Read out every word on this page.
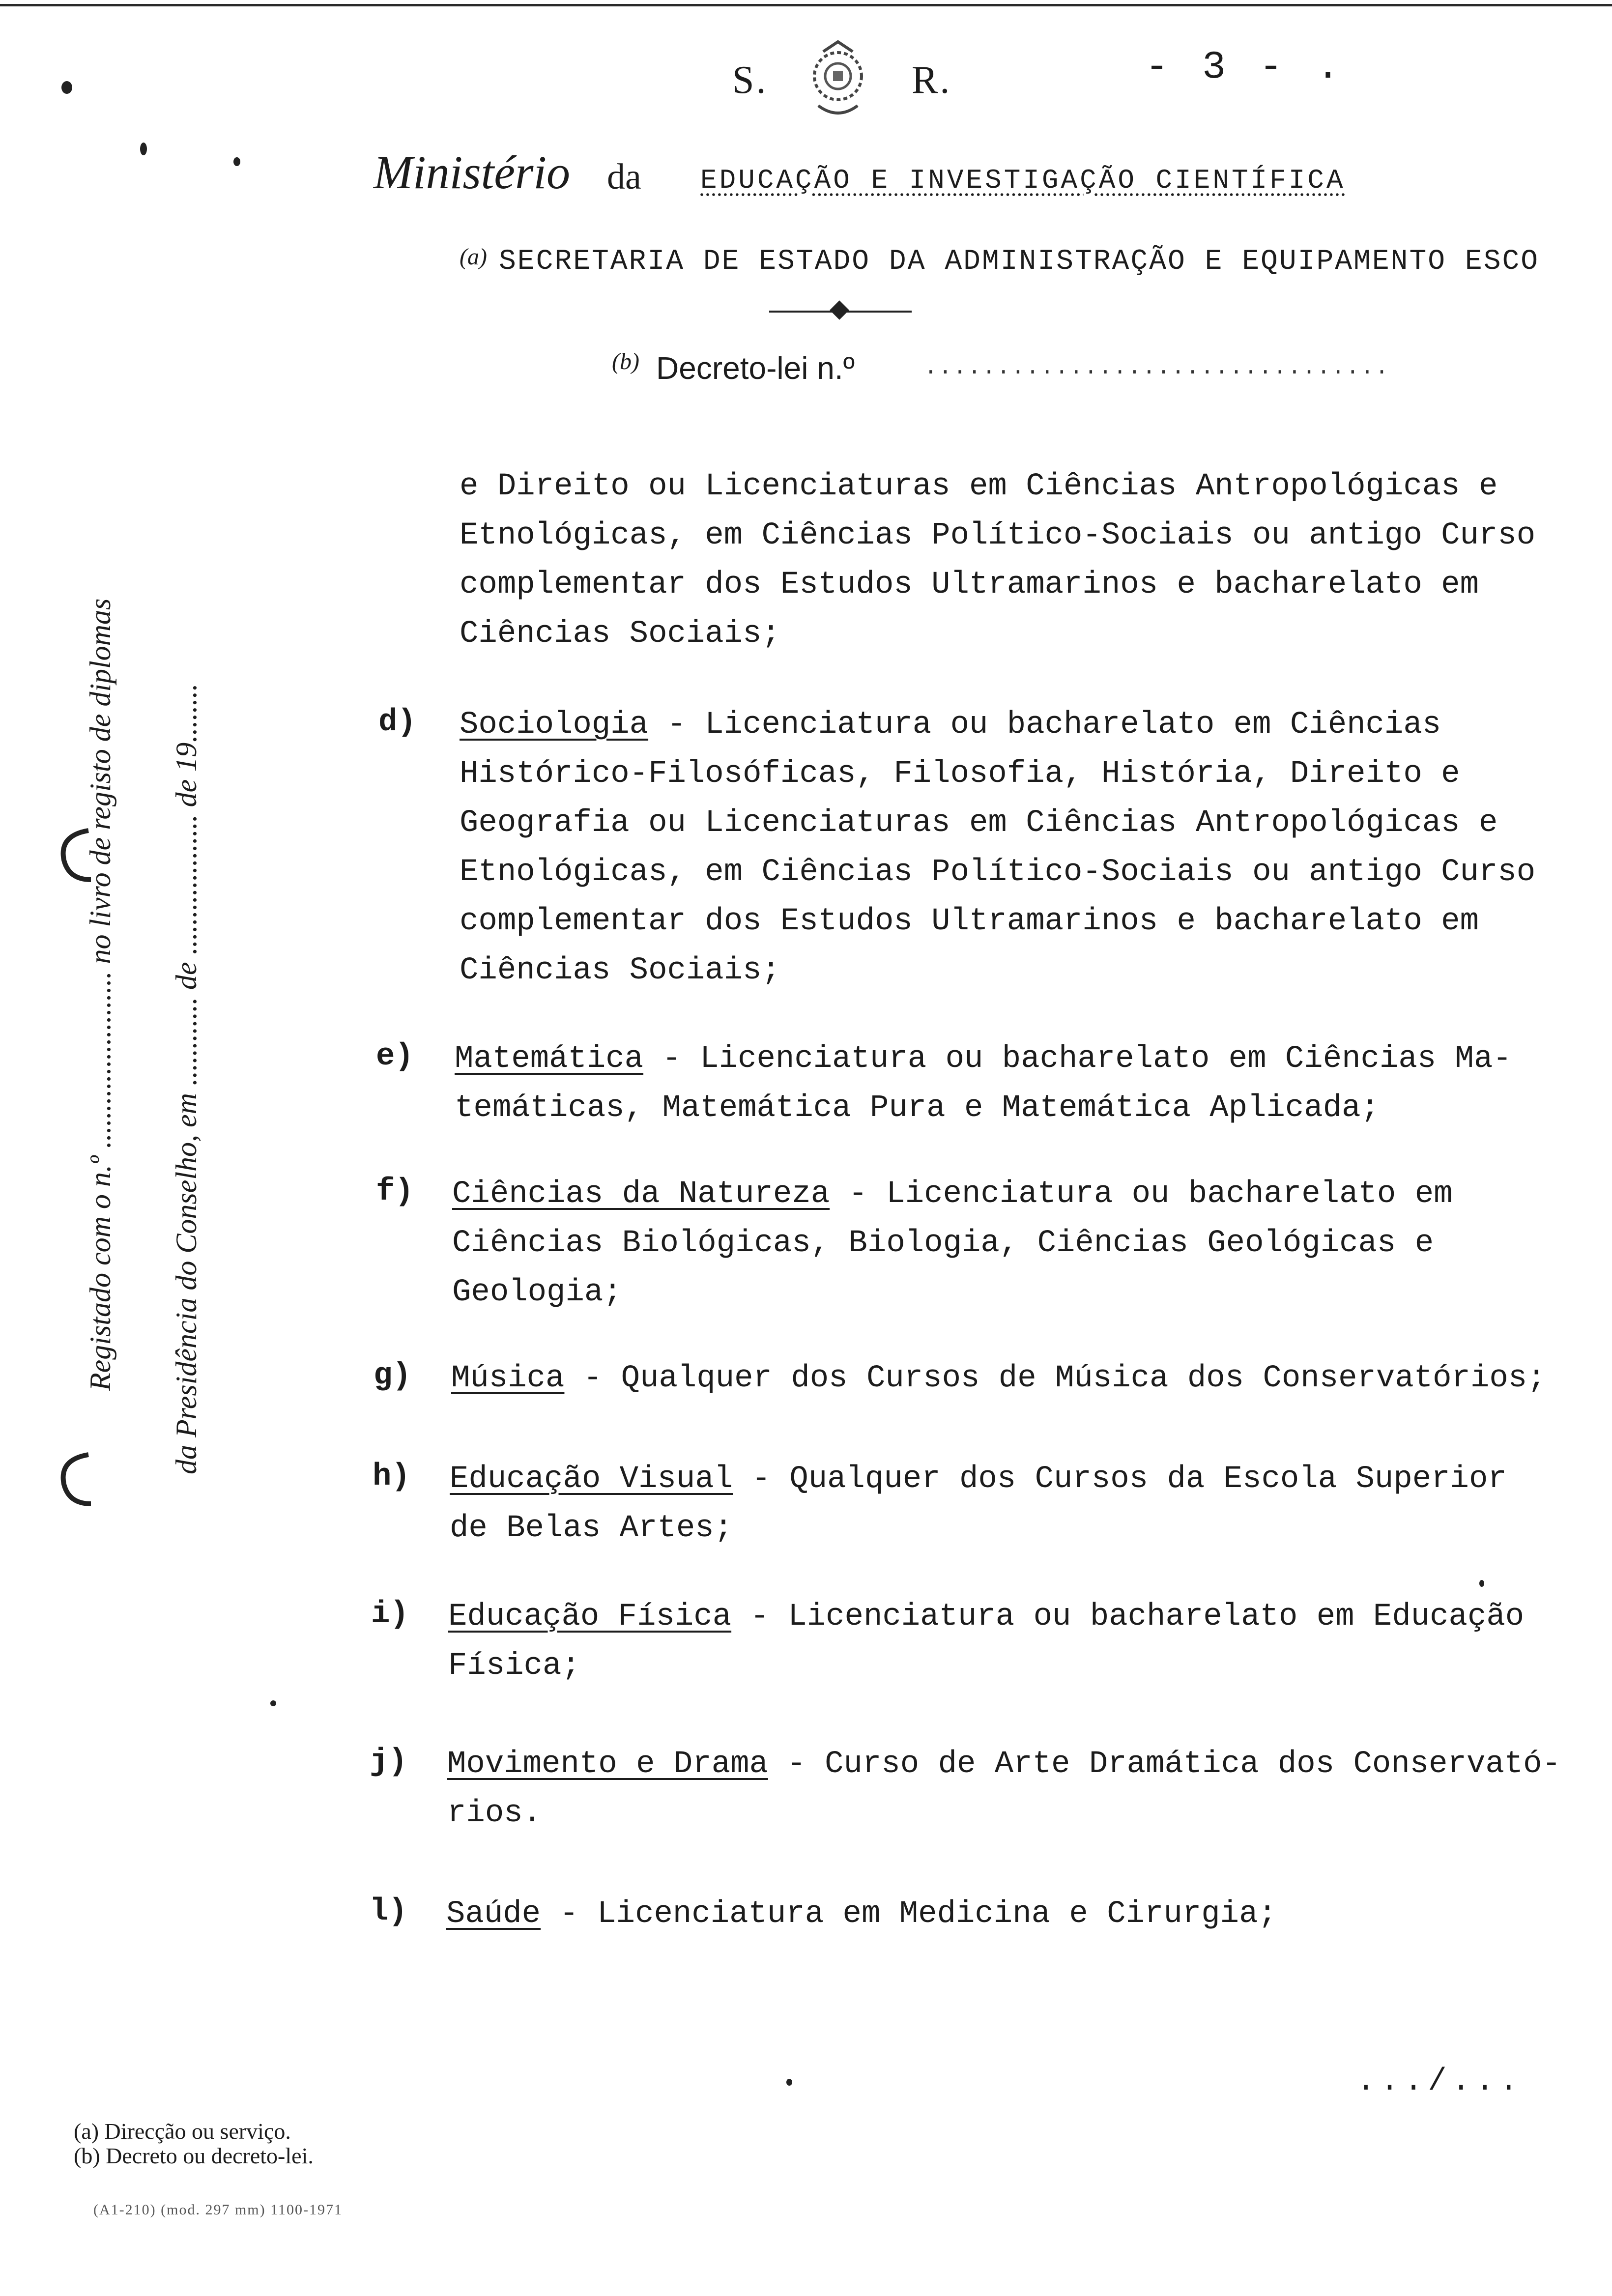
S.	R.	- 3 - .
Ministério da EDUCAÇÃO E INVESTIGAÇÃO CIENTÍFICA
(a) SECRETARIA DE ESTADO DA ADMINISTRAÇÃO E EQUIPAMENTO ESCO
(b) Decreto-lei n.º	................................
e Direito ou Licenciaturas em Ciências Antropológicas e
Etnológicas, em Ciências Político-Sociais ou antigo Curso
complementar dos Estudos Ultramarinos e bacharelato em
Ciências Sociais;
d) Sociologia - Licenciatura ou bacharelato em Ciências
Histórico-Filosóficas, Filosofia, História, Direito e
Geografia ou Licenciaturas em Ciências Antropológicas e
Etnológicas, em Ciências Político-Sociais ou antigo Curso
complementar dos Estudos Ultramarinos e bacharelato em
Ciências Sociais;
e) Matemática - Licenciatura ou bacharelato em Ciências Ma-
temáticas, Matemática Pura e Matemática Aplicada;
f) Ciências da Natureza - Licenciatura ou bacharelato em
Ciências Biológicas, Biologia, Ciências Geológicas e
Geologia;
g) Música - Qualquer dos Cursos de Música dos Conservatórios;
h) Educação Visual - Qualquer dos Cursos da Escola Superior
de Belas Artes;
i) Educação Física - Licenciatura ou bacharelato em Educação
Física;
j) Movimento e Drama - Curso de Arte Dramática dos Conservató-
rios.
l) Saúde - Licenciatura em Medicina e Cirurgia;
Registado com o n.º ........................ no livro de registo de diplomas da Presidência do Conselho, em ............ de ................... de 19........
.../...
(a) Direcção ou serviço.
(b) Decreto ou decreto-lei.
(A1-210) (mod. 297 mm) 1100-1971
